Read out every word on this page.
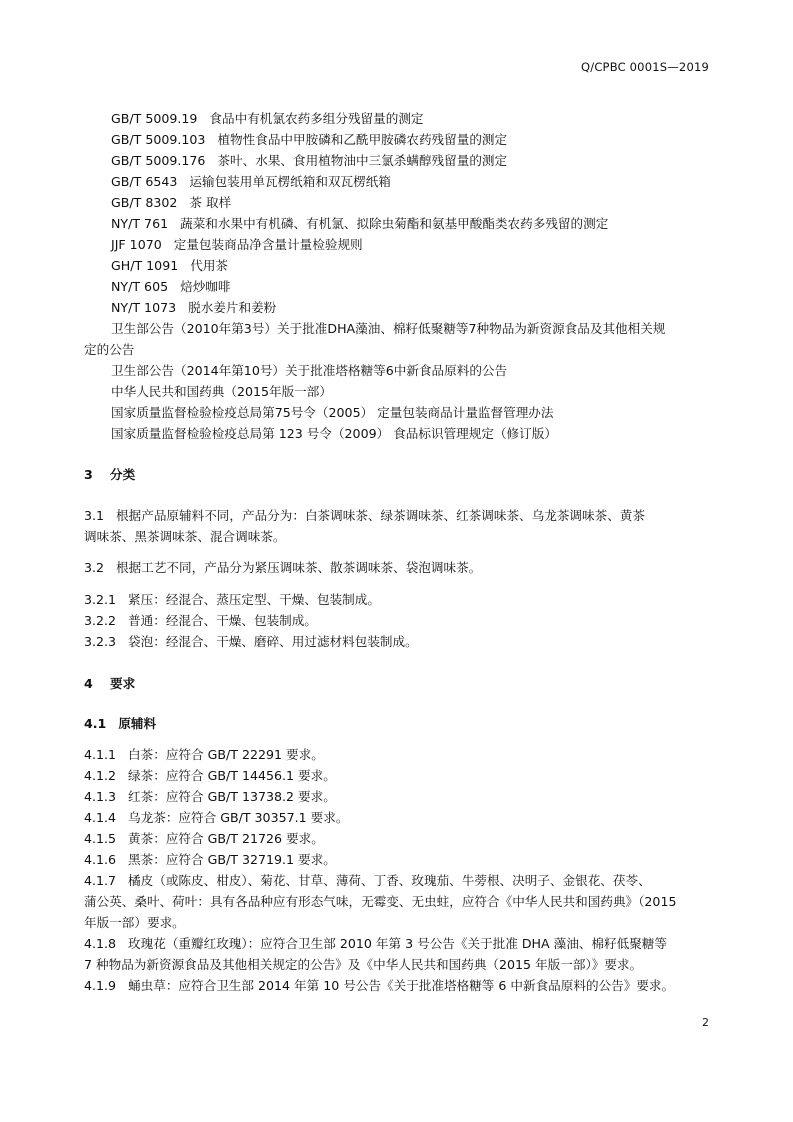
Q/CPBC 0001S—2019
GB/T 5009.19 食品中有机氯农药多组分残留量的测定
GB/T 5009.103 植物性食品中甲胺磷和乙酰甲胺磷农药残留量的测定
GB/T 5009.176 茶叶、水果、食用植物油中三氯杀螨醇残留量的测定
GB/T 6543 运输包装用单瓦楞纸箱和双瓦楞纸箱
GB/T 8302 茶 取样
NY/T 761 蔬菜和水果中有机磷、有机氯、拟除虫菊酯和氨基甲酸酯类农药多残留的测定
JJF 1070 定量包装商品净含量计量检验规则
GH/T 1091 代用茶
NY/T 605 焙炒咖啡
NY/T 1073 脱水姜片和姜粉
卫生部公告（2010年第3号）关于批准DHA藻油、棉籽低聚糖等7种物品为新资源食品及其他相关规
定的公告
卫生部公告（2014年第10号）关于批准塔格糖等6中新食品原料的公告
中华人民共和国药典（2015年版一部）
国家质量监督检验检疫总局第75号令（2005） 定量包装商品计量监督管理办法
国家质量监督检验检疫总局第 123 号令（2009） 食品标识管理规定（修订版）
3 分类
3.1 根据产品原辅料不同，产品分为：白茶调味茶、绿茶调味茶、红茶调味茶、乌龙茶调味茶、黄茶
调味茶、黑茶调味茶、混合调味茶。
3.2 根据工艺不同，产品分为紧压调味茶、散茶调味茶、袋泡调味茶。
3.2.1 紧压：经混合、蒸压定型、干燥、包装制成。
3.2.2 普通：经混合、干燥、包装制成。
3.2.3 袋泡：经混合、干燥、磨碎、用过滤材料包装制成。
4 要求
4.1 原辅料
4.1.1 白茶：应符合 GB/T 22291 要求。
4.1.2 绿茶：应符合 GB/T 14456.1 要求。
4.1.3 红茶：应符合 GB/T 13738.2 要求。
4.1.4 乌龙茶：应符合 GB/T 30357.1 要求。
4.1.5 黄茶：应符合 GB/T 21726 要求。
4.1.6 黑茶：应符合 GB/T 32719.1 要求。
4.1.7 橘皮（或陈皮、柑皮）、菊花、甘草、薄荷、丁香、玫瑰茄、牛蒡根、决明子、金银花、茯苓、
蒲公英、桑叶、荷叶：具有各品种应有形态气味，无霉变、无虫蛀，应符合《中华人民共和国药典》（2015
年版一部）要求。
4.1.8 玫瑰花（重瓣红玫瑰）：应符合卫生部 2010 年第 3 号公告《关于批准 DHA 藻油、棉籽低聚糖等
7 种物品为新资源食品及其他相关规定的公告》及《中华人民共和国药典（2015 年版一部）》要求。
4.1.9 蛹虫草：应符合卫生部 2014 年第 10 号公告《关于批准塔格糖等 6 中新食品原料的公告》要求。
2
